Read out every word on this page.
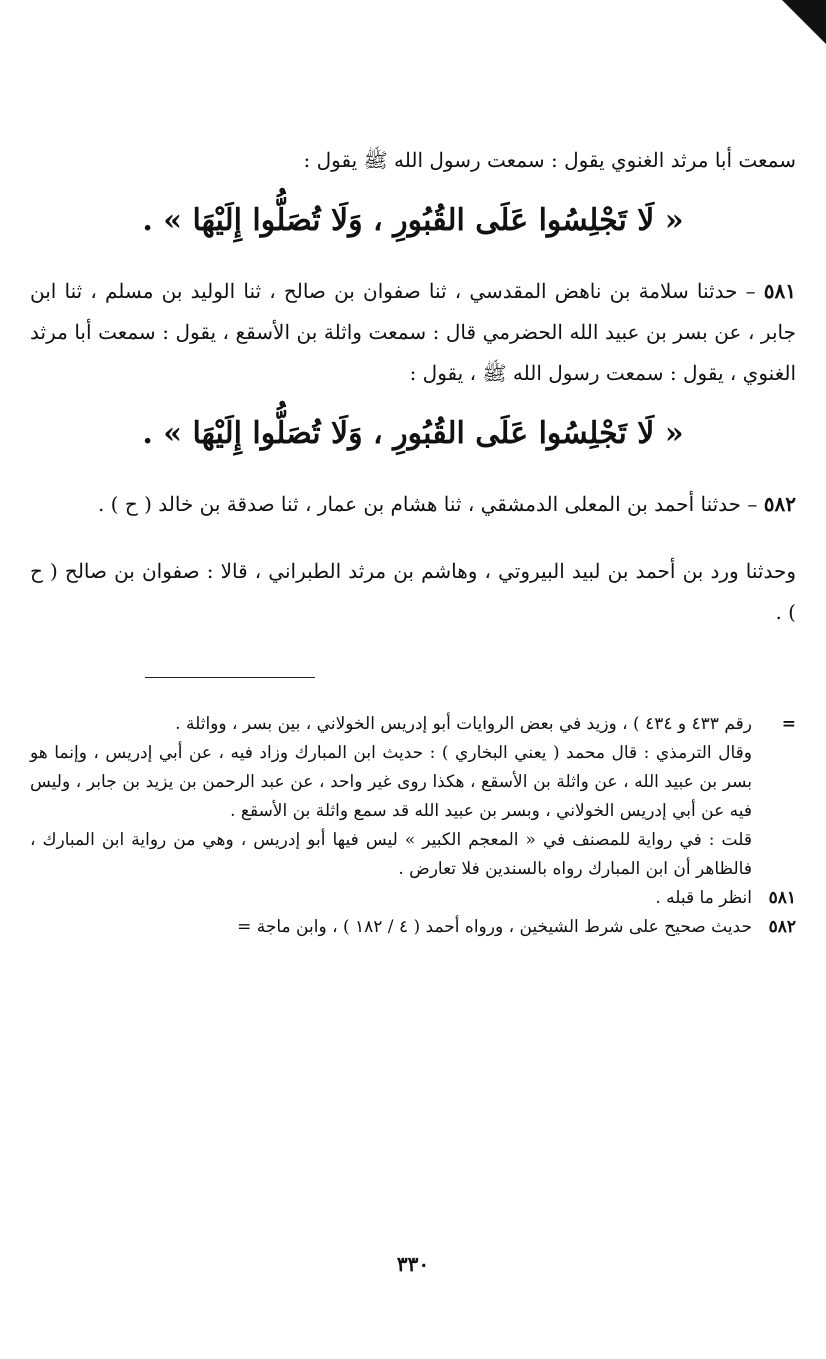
سمعت أبا مرثد الغنوي يقول : سمعت رسول الله ﷺ يقول :

« لَا تَجْلِسُوا عَلَى القُبُورِ ، وَلَا تُصَلُّوا إِلَيْهَا » .

٥٨١ – حدثنا سلامة بن ناهض المقدسي ، ثنا صفوان بن صالح ، ثنا الوليد بن مسلم ، ثنا ابن جابر ، عن بسر بن عبيد الله الحضرمي قال : سمعت واثلة بن الأسقع ، يقول : سمعت أبا مرثد الغنوي ، يقول : سمعت رسول الله ﷺ ، يقول :

« لَا تَجْلِسُوا عَلَى القُبُورِ ، وَلَا تُصَلُّوا إِلَيْهَا » .

٥٨٢ – حدثنا أحمد بن المعلى الدمشقي ، ثنا هشام بن عمار ، ثنا صدقة بن خالد ( ح ) .

وحدثنا ورد بن أحمد بن لبيد البيروتي ، وهاشم بن مرثد الطبراني ، قالا : صفوان بن صالح ( ح ) .

=
رقم ٤٣٣ و ٤٣٤ ) ، وزيد في بعض الروايات أبو إدريس الخولاني ، بين بسر ، وواثلة .

وقال الترمذي : قال محمد ( يعني البخاري ) : حديث ابن المبارك وزاد فيه ، عن أبي إدريس ، وإنما هو بسر بن عبيد الله ، عن واثلة بن الأسقع ، هكذا روى غير واحد ، عن عبد الرحمن بن يزيد بن جابر ، وليس فيه عن أبي إدريس الخولاني ، وبسر بن عبيد الله قد سمع واثلة بن الأسقع .

قلت : في رواية للمصنف في « المعجم الكبير » ليس فيها أبو إدريس ، وهي من رواية ابن المبارك ، فالظاهر أن ابن المبارك رواه بالسندين فلا تعارض .

٥٨١
انظر ما قبله .
٥٨٢
حديث صحيح على شرط الشيخين ، ورواه أحمد ( ٤ / ١٨٢ ) ، وابن ماجة =
٣٣٠
